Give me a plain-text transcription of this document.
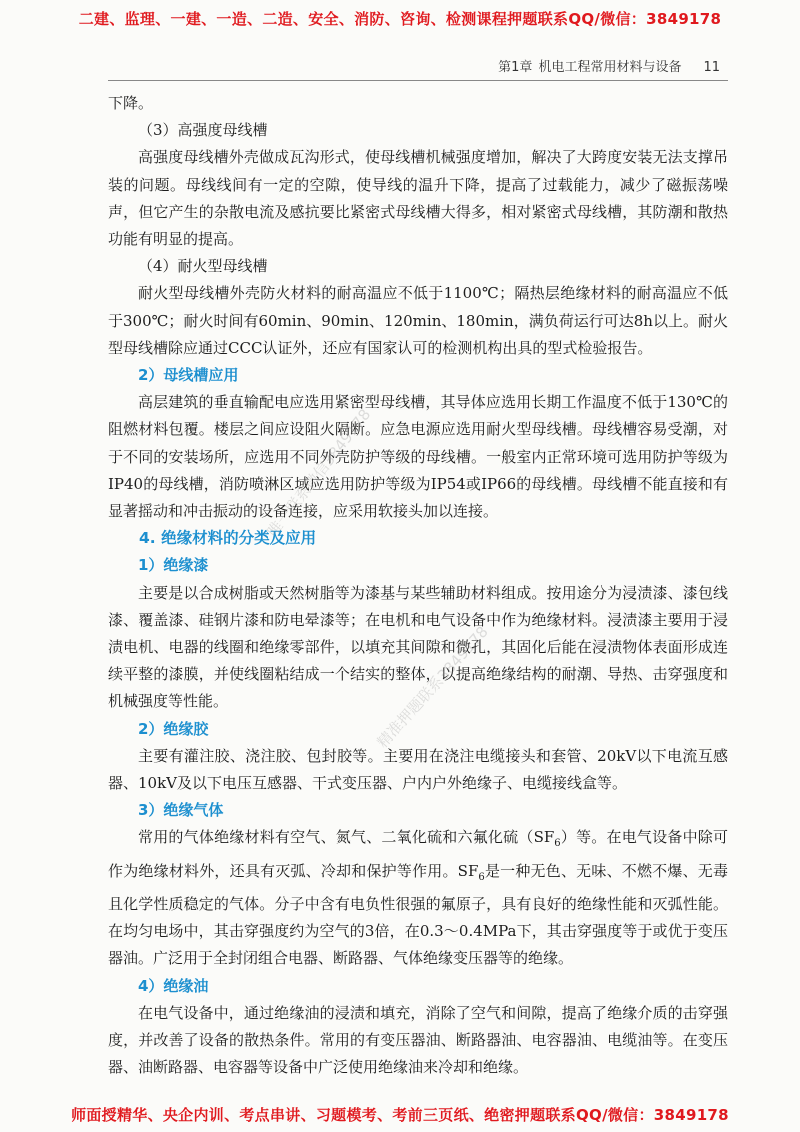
二建、监理、一建、一造、二造、安全、消防、咨询、检测课程押题联系QQ/微信：3849178
第1章 机电工程常用材料与设备 11

下降。

（3）高强度母线槽

高强度母线槽外壳做成瓦沟形式，使母线槽机械强度增加，解决了大跨度安装无法支撑吊装的问题。母线线间有一定的空隙，使导线的温升下降，提高了过载能力，减少了磁振荡噪声，但它产生的杂散电流及感抗要比紧密式母线槽大得多，相对紧密式母线槽，其防潮和散热功能有明显的提高。

（4）耐火型母线槽

耐火型母线槽外壳防火材料的耐高温应不低于1100℃；隔热层绝缘材料的耐高温应不低于300℃；耐火时间有60min、90min、120min、180min，满负荷运行可达8h以上。耐火型母线槽除应通过CCC认证外，还应有国家认可的检测机构出具的型式检验报告。

2）母线槽应用

高层建筑的垂直输配电应选用紧密型母线槽，其导体应选用长期工作温度不低于130℃的阻燃材料包覆。楼层之间应设阻火隔断。应急电源应选用耐火型母线槽。母线槽容易受潮，对于不同的安装场所，应选用不同外壳防护等级的母线槽。一般室内正常环境可选用防护等级为IP40的母线槽，消防喷淋区域应选用防护等级为IP54或IP66的母线槽。母线槽不能直接和有显著摇动和冲击振动的设备连接，应采用软接头加以连接。

4. 绝缘材料的分类及应用
1）绝缘漆

主要是以合成树脂或天然树脂等为漆基与某些辅助材料组成。按用途分为浸渍漆、漆包线漆、覆盖漆、硅钢片漆和防电晕漆等；在电机和电气设备中作为绝缘材料。浸渍漆主要用于浸渍电机、电器的线圈和绝缘零部件，以填充其间隙和微孔，其固化后能在浸渍物体表面形成连续平整的漆膜，并使线圈粘结成一个结实的整体，以提高绝缘结构的耐潮、导热、击穿强度和机械强度等性能。

2）绝缘胶

主要有灌注胶、浇注胶、包封胶等。主要用在浇注电缆接头和套管、20kV以下电流互感器、10kV及以下电压互感器、干式变压器、户内户外绝缘子、电缆接线盒等。

3）绝缘气体

常用的气体绝缘材料有空气、氮气、二氧化硫和六氟化硫$(SF_6)$等。在电气设备中除可作为绝缘材料外，还具有灭弧、冷却和保护等作用。$SF_6$是一种无色、无味、不燃不爆、无毒且化学性质稳定的气体。分子中含有电负性很强的氟原子，具有良好的绝缘性能和灭弧性能。在均匀电场中，其击穿强度约为空气的3倍，在0.3～0.4MPa下，其击穿强度等于或优于变压器油。广泛用于全封闭组合电器、断路器、气体绝缘变压器等的绝缘。

4）绝缘油

在电气设备中，通过绝缘油的浸渍和填充，消除了空气和间隙，提高了绝缘介质的击穿强度，并改善了设备的散热条件。常用的有变压器油、断路器油、电容器油、电缆油等。在变压器、油断路器、电容器等设备中广泛使用绝缘油来冷却和绝缘。

唯一联系微信3849178
精准押题联系3849178
师面授精华、央企内训、考点串讲、习题模考、考前三页纸、绝密押题联系QQ/微信：3849178
